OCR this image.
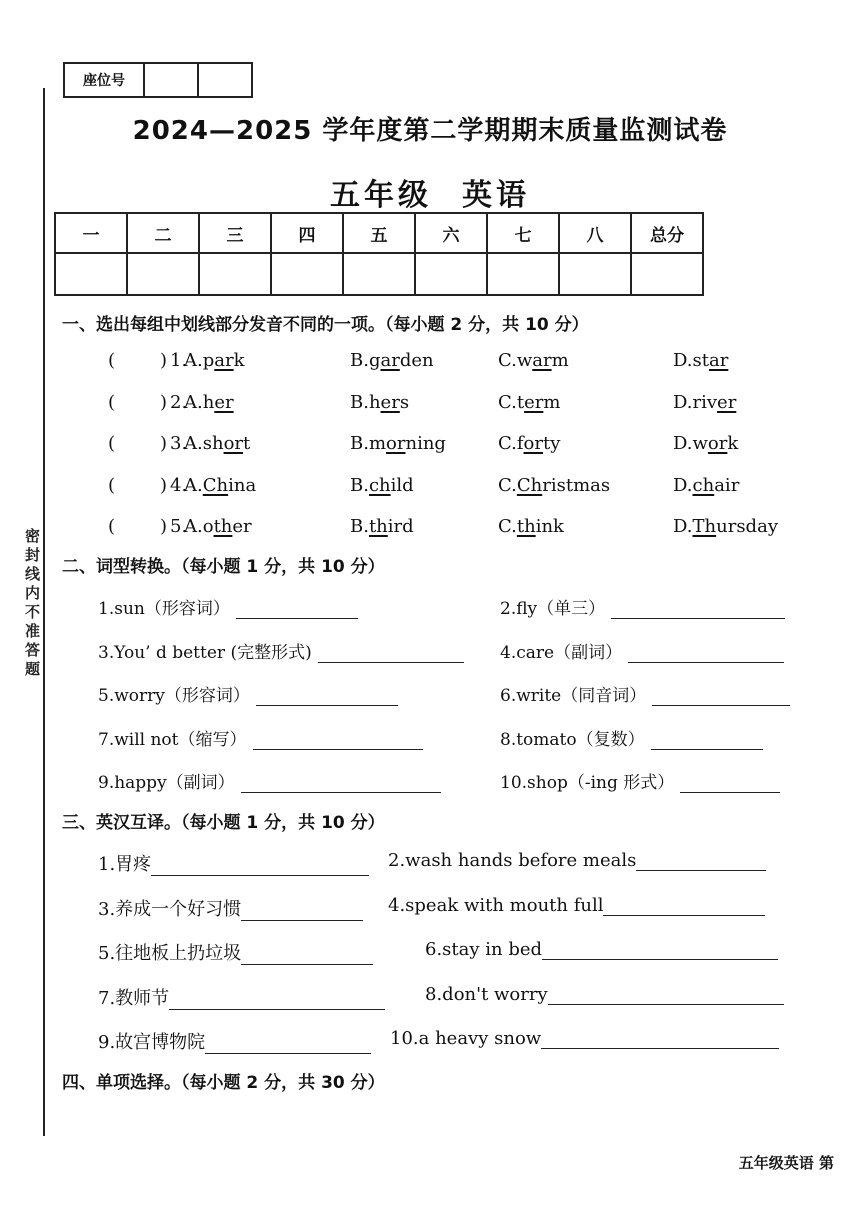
密封线内不准答题
座位号
2024—2025 学年度第二学期期末质量监测试卷
五年级 英语
一	二	三	四	五	六	七	八	总分

一、选出每组中划线部分发音不同的一项。（每小题 2 分，共 10 分）
( ) 1.
A.park	B.garden	C.warm	D.star
( ) 2.
A.her	B.hers	C.term	D.river
( ) 3.
A.short	B.morning	C.forty	D.work
( ) 4.
A.China	B.child	C.Christmas	D.chair
( ) 5.
A.other	B.third	C.think	D.Thursday
二、词型转换。（每小题 1 分，共 10 分）
1.sun（形容词）	2.fly（单三）
3.You’ d better (完整形式)	4.care（副词）
5.worry（形容词）	6.write（同音词）
7.will not（缩写）	8.tomato（复数）
9.happy（副词）	10.shop（-ing 形式）
三、英汉互译。（每小题 1 分，共 10 分）
1.胃疼	2.wash hands before meals
3.养成一个好习惯	4.speak with mouth full
5.往地板上扔垃圾	6.stay in bed
7.教师节	8.don't worry
9.故宫博物院	10.a heavy snow
四、单项选择。（每小题 2 分，共 30 分）
五年级英语 第
